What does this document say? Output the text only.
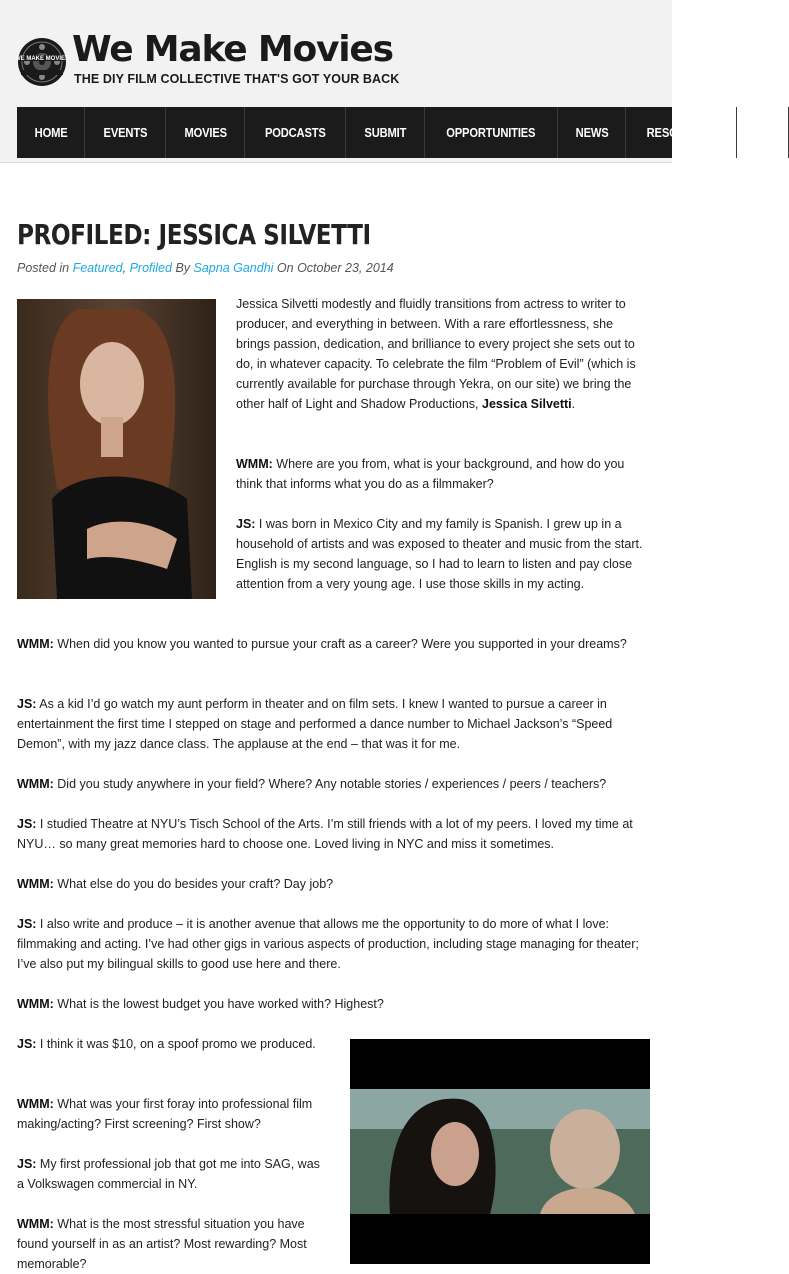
WE MAKE MOVIES We Make Movies
THE DIY FILM COLLECTIVE THAT'S GOT YOUR BACK
HOME	EVENTS	MOVIES	PODCASTS	SUBMIT	OPPORTUNITIES	NEWS	RESOURCES	OPI
PROFILED: JESSICA SILVETTI
Posted in Featured, Profiled By Sapna Gandhi On October 23, 2014

Jessica Silvetti modestly and fluidly transitions from actress to writer to producer, and everything in between. With a rare effortlessness, she brings passion, dedication, and brilliance to every project she sets out to do, in whatever capacity. To celebrate the film “Problem of Evil” (which is currently available for purchase through Yekra, on our site) we bring the other half of Light and Shadow Productions, Jessica Silvetti.

WMM: Where are you from, what is your background, and how do you think that informs what you do as a filmmaker?

JS: I was born in Mexico City and my family is Spanish. I grew up in a household of artists and was exposed to theater and music from the start. English is my second language, so I had to learn to listen and pay close attention from a very young age. I use those skills in my acting.

WMM: When did you know you wanted to pursue your craft as a career? Were you supported in your dreams?

JS: As a kid I’d go watch my aunt perform in theater and on film sets. I knew I wanted to pursue a career in entertainment the first time I stepped on stage and performed a dance number to Michael Jackson’s “Speed Demon”, with my jazz dance class. The applause at the end – that was it for me.

WMM: Did you study anywhere in your field? Where? Any notable stories / experiences / peers / teachers?

JS: I studied Theatre at NYU’s Tisch School of the Arts. I’m still friends with a lot of my peers. I loved my time at NYU… so many great memories hard to choose one. Loved living in NYC and miss it sometimes.

WMM: What else do you do besides your craft? Day job?

JS: I also write and produce – it is another avenue that allows me the opportunity to do more of what I love: filmmaking and acting. I’ve had other gigs in various aspects of production, including stage managing for theater; I’ve also put my bilingual skills to good use here and there.

WMM: What is the lowest budget you have worked with? Highest?

JS: I think it was $10, on a spoof promo we produced.

WMM: What was your first foray into professional film making/acting? First screening? First show?

JS: My first professional job that got me into SAG, was a Volkswagen commercial in NY.

WMM: What is the most stressful situation you have found yourself in as an artist? Most rewarding? Most memorable?
